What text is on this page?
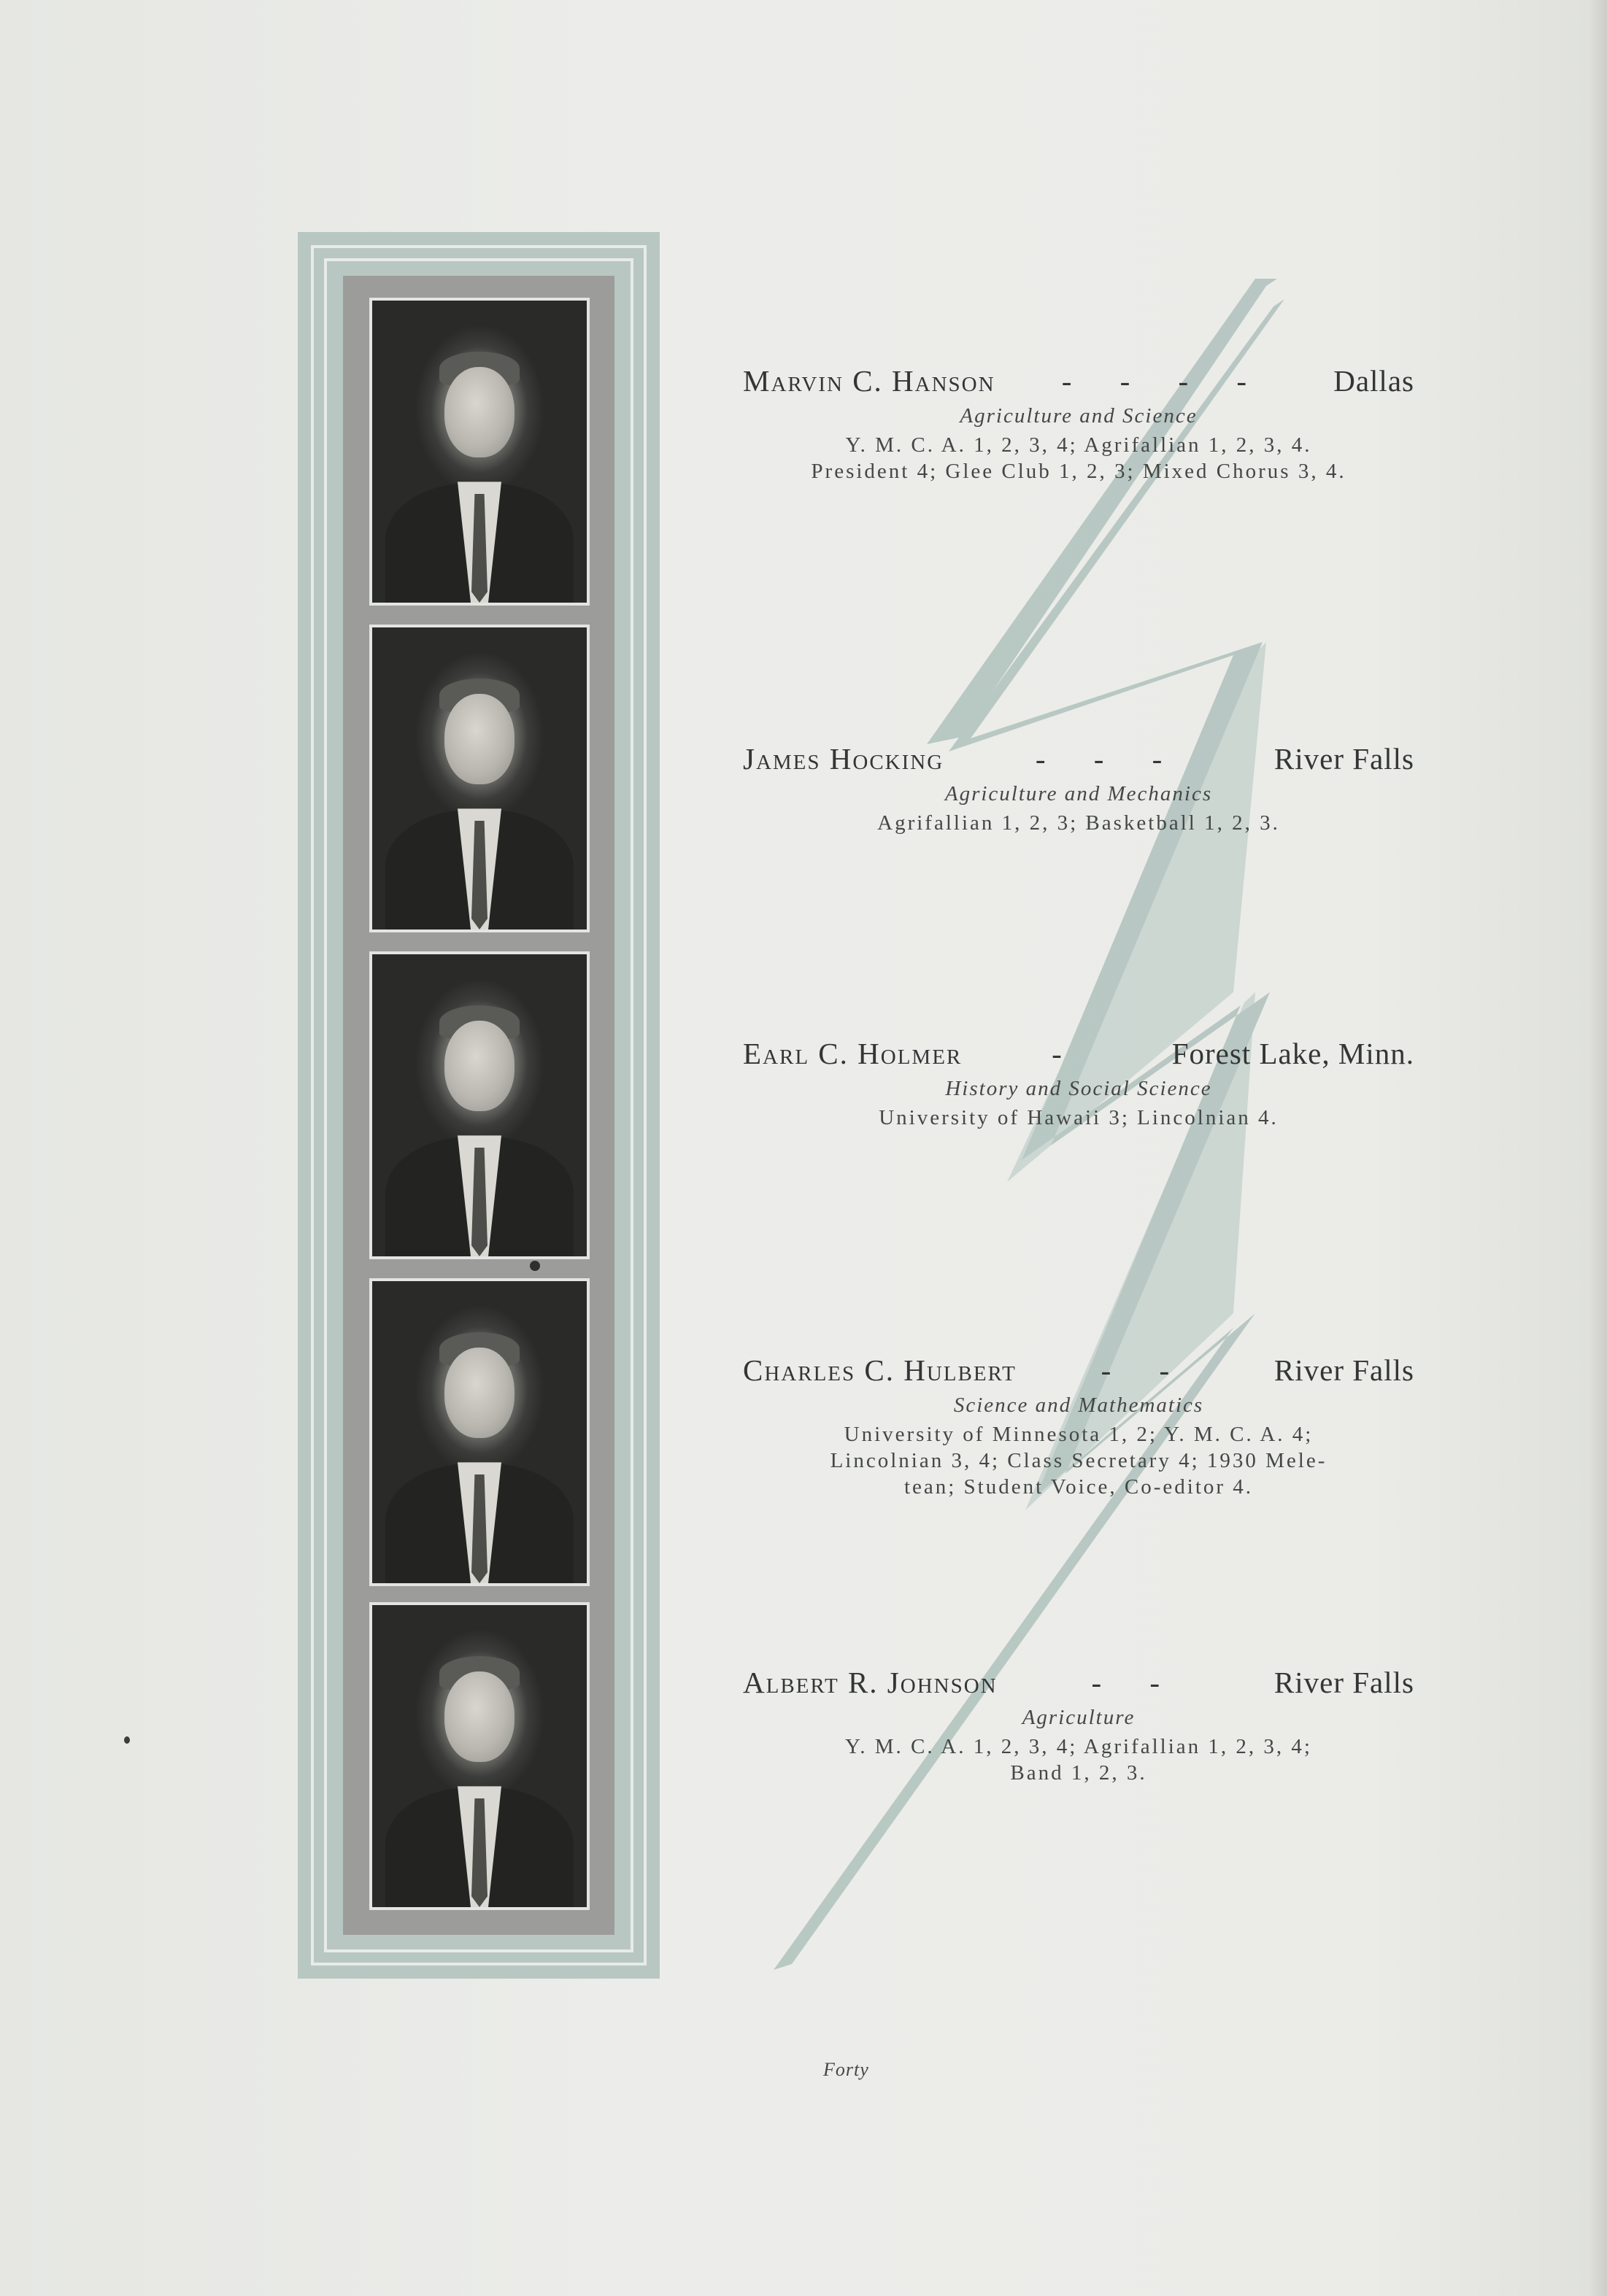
Marvin C. Hanson - - - - Dallas
Agriculture and Science
Y. M. C. A. 1, 2, 3, 4; Agrifallian 1, 2, 3, 4.
President 4; Glee Club 1, 2, 3; Mixed Chorus 3, 4.
James Hocking	- - -	River Falls
Agriculture and Mechanics
Agrifallian 1, 2, 3; Basketball 1, 2, 3.
Earl C. Holmer	-	Forest Lake, Minn.
History and Social Science
University of Hawaii 3; Lincolnian 4.
Charles C. Hulbert	- -	River Falls
Science and Mathematics
University of Minnesota 1, 2; Y. M. C. A. 4;
Lincolnian 3, 4; Class Secretary 4; 1930 Mele-
tean; Student Voice, Co-editor 4.
Albert R. Johnson	- -	River Falls
Agriculture
Y. M. C. A. 1, 2, 3, 4; Agrifallian 1, 2, 3, 4;
Band 1, 2, 3.
Forty
